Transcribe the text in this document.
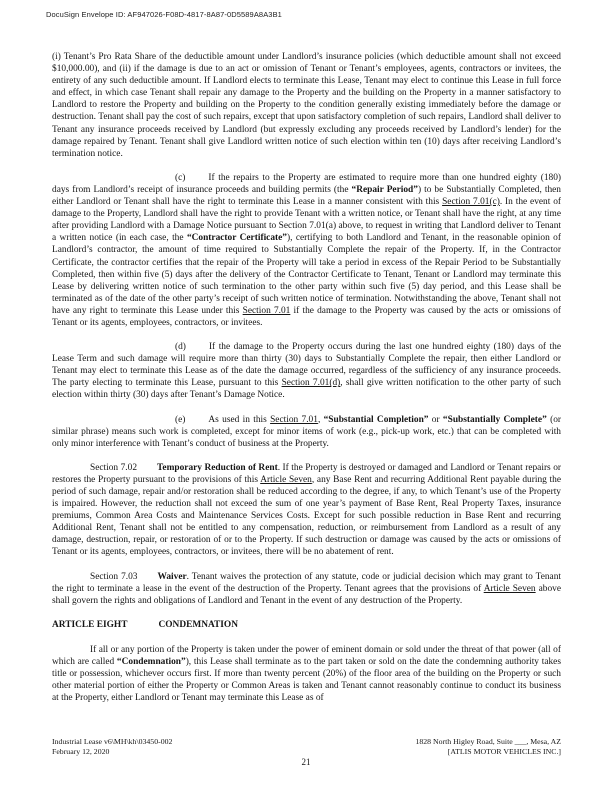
DocuSign Envelope ID: AF947026-F08D-4817-8A87-0D5589A8A3B1

(i) Tenant’s Pro Rata Share of the deductible amount under Landlord’s insurance policies (which deductible amount shall not exceed $10,000.00), and (ii) if the damage is due to an act or omission of Tenant or Tenant’s employees, agents, contractors or invitees, the entirety of any such deductible amount. If Landlord elects to terminate this Lease, Tenant may elect to continue this Lease in full force and effect, in which case Tenant shall repair any damage to the Property and the building on the Property in a manner satisfactory to Landlord to restore the Property and building on the Property to the condition generally existing immediately before the damage or destruction. Tenant shall pay the cost of such repairs, except that upon satisfactory completion of such repairs, Landlord shall deliver to Tenant any insurance proceeds received by Landlord (but expressly excluding any proceeds received by Landlord’s lender) for the damage repaired by Tenant. Tenant shall give Landlord written notice of such election within ten (10) days after receiving Landlord’s termination notice.

(c) If the repairs to the Property are estimated to require more than one hundred eighty (180) days from Landlord’s receipt of insurance proceeds and building permits (the “Repair Period”) to be Substantially Completed, then either Landlord or Tenant shall have the right to terminate this Lease in a manner consistent with this Section 7.01(c). In the event of damage to the Property, Landlord shall have the right to provide Tenant with a written notice, or Tenant shall have the right, at any time after providing Landlord with a Damage Notice pursuant to Section 7.01(a) above, to request in writing that Landlord deliver to Tenant a written notice (in each case, the “Contractor Certificate”), certifying to both Landlord and Tenant, in the reasonable opinion of Landlord’s contractor, the amount of time required to Substantially Complete the repair of the Property. If, in the Contractor Certificate, the contractor certifies that the repair of the Property will take a period in excess of the Repair Period to be Substantially Completed, then within five (5) days after the delivery of the Contractor Certificate to Tenant, Tenant or Landlord may terminate this Lease by delivering written notice of such termination to the other party within such five (5) day period, and this Lease shall be terminated as of the date of the other party’s receipt of such written notice of termination. Notwithstanding the above, Tenant shall not have any right to terminate this Lease under this Section 7.01 if the damage to the Property was caused by the acts or omissions of Tenant or its agents, employees, contractors, or invitees.

(d) If the damage to the Property occurs during the last one hundred eighty (180) days of the Lease Term and such damage will require more than thirty (30) days to Substantially Complete the repair, then either Landlord or Tenant may elect to terminate this Lease as of the date the damage occurred, regardless of the sufficiency of any insurance proceeds. The party electing to terminate this Lease, pursuant to this Section 7.01(d), shall give written notification to the other party of such election within thirty (30) days after Tenant’s Damage Notice.

(e) As used in this Section 7.01, “Substantial Completion” or “Substantially Complete” (or similar phrase) means such work is completed, except for minor items of work (e.g., pick-up work, etc.) that can be completed with only minor interference with Tenant’s conduct of business at the Property.

Section 7.02 Temporary Reduction of Rent. If the Property is destroyed or damaged and Landlord or Tenant repairs or restores the Property pursuant to the provisions of this Article Seven, any Base Rent and recurring Additional Rent payable during the period of such damage, repair and/or restoration shall be reduced according to the degree, if any, to which Tenant’s use of the Property is impaired. However, the reduction shall not exceed the sum of one year’s payment of Base Rent, Real Property Taxes, insurance premiums, Common Area Costs and Maintenance Services Costs. Except for such possible reduction in Base Rent and recurring Additional Rent, Tenant shall not be entitled to any compensation, reduction, or reimbursement from Landlord as a result of any damage, destruction, repair, or restoration of or to the Property. If such destruction or damage was caused by the acts or omissions of Tenant or its agents, employees, contractors, or invitees, there will be no abatement of rent.

Section 7.03 Waiver. Tenant waives the protection of any statute, code or judicial decision which may grant to Tenant the right to terminate a lease in the event of the destruction of the Property. Tenant agrees that the provisions of Article Seven above shall govern the rights and obligations of Landlord and Tenant in the event of any destruction of the Property.

ARTICLE EIGHT	CONDEMNATION

If all or any portion of the Property is taken under the power of eminent domain or sold under the threat of that power (all of which are called “Condemnation”), this Lease shall terminate as to the part taken or sold on the date the condemning authority takes title or possession, whichever occurs first. If more than twenty percent (20%) of the floor area of the building on the Property or such other material portion of either the Property or Common Areas is taken and Tenant cannot reasonably continue to conduct its business at the Property, either Landlord or Tenant may terminate this Lease as of

Industrial Lease v6\MH\kh\03450-002
February 12, 2020
1828 North Higley Road, Suite ___, Mesa, AZ
[ATLIS MOTOR VEHICLES INC.]
21
